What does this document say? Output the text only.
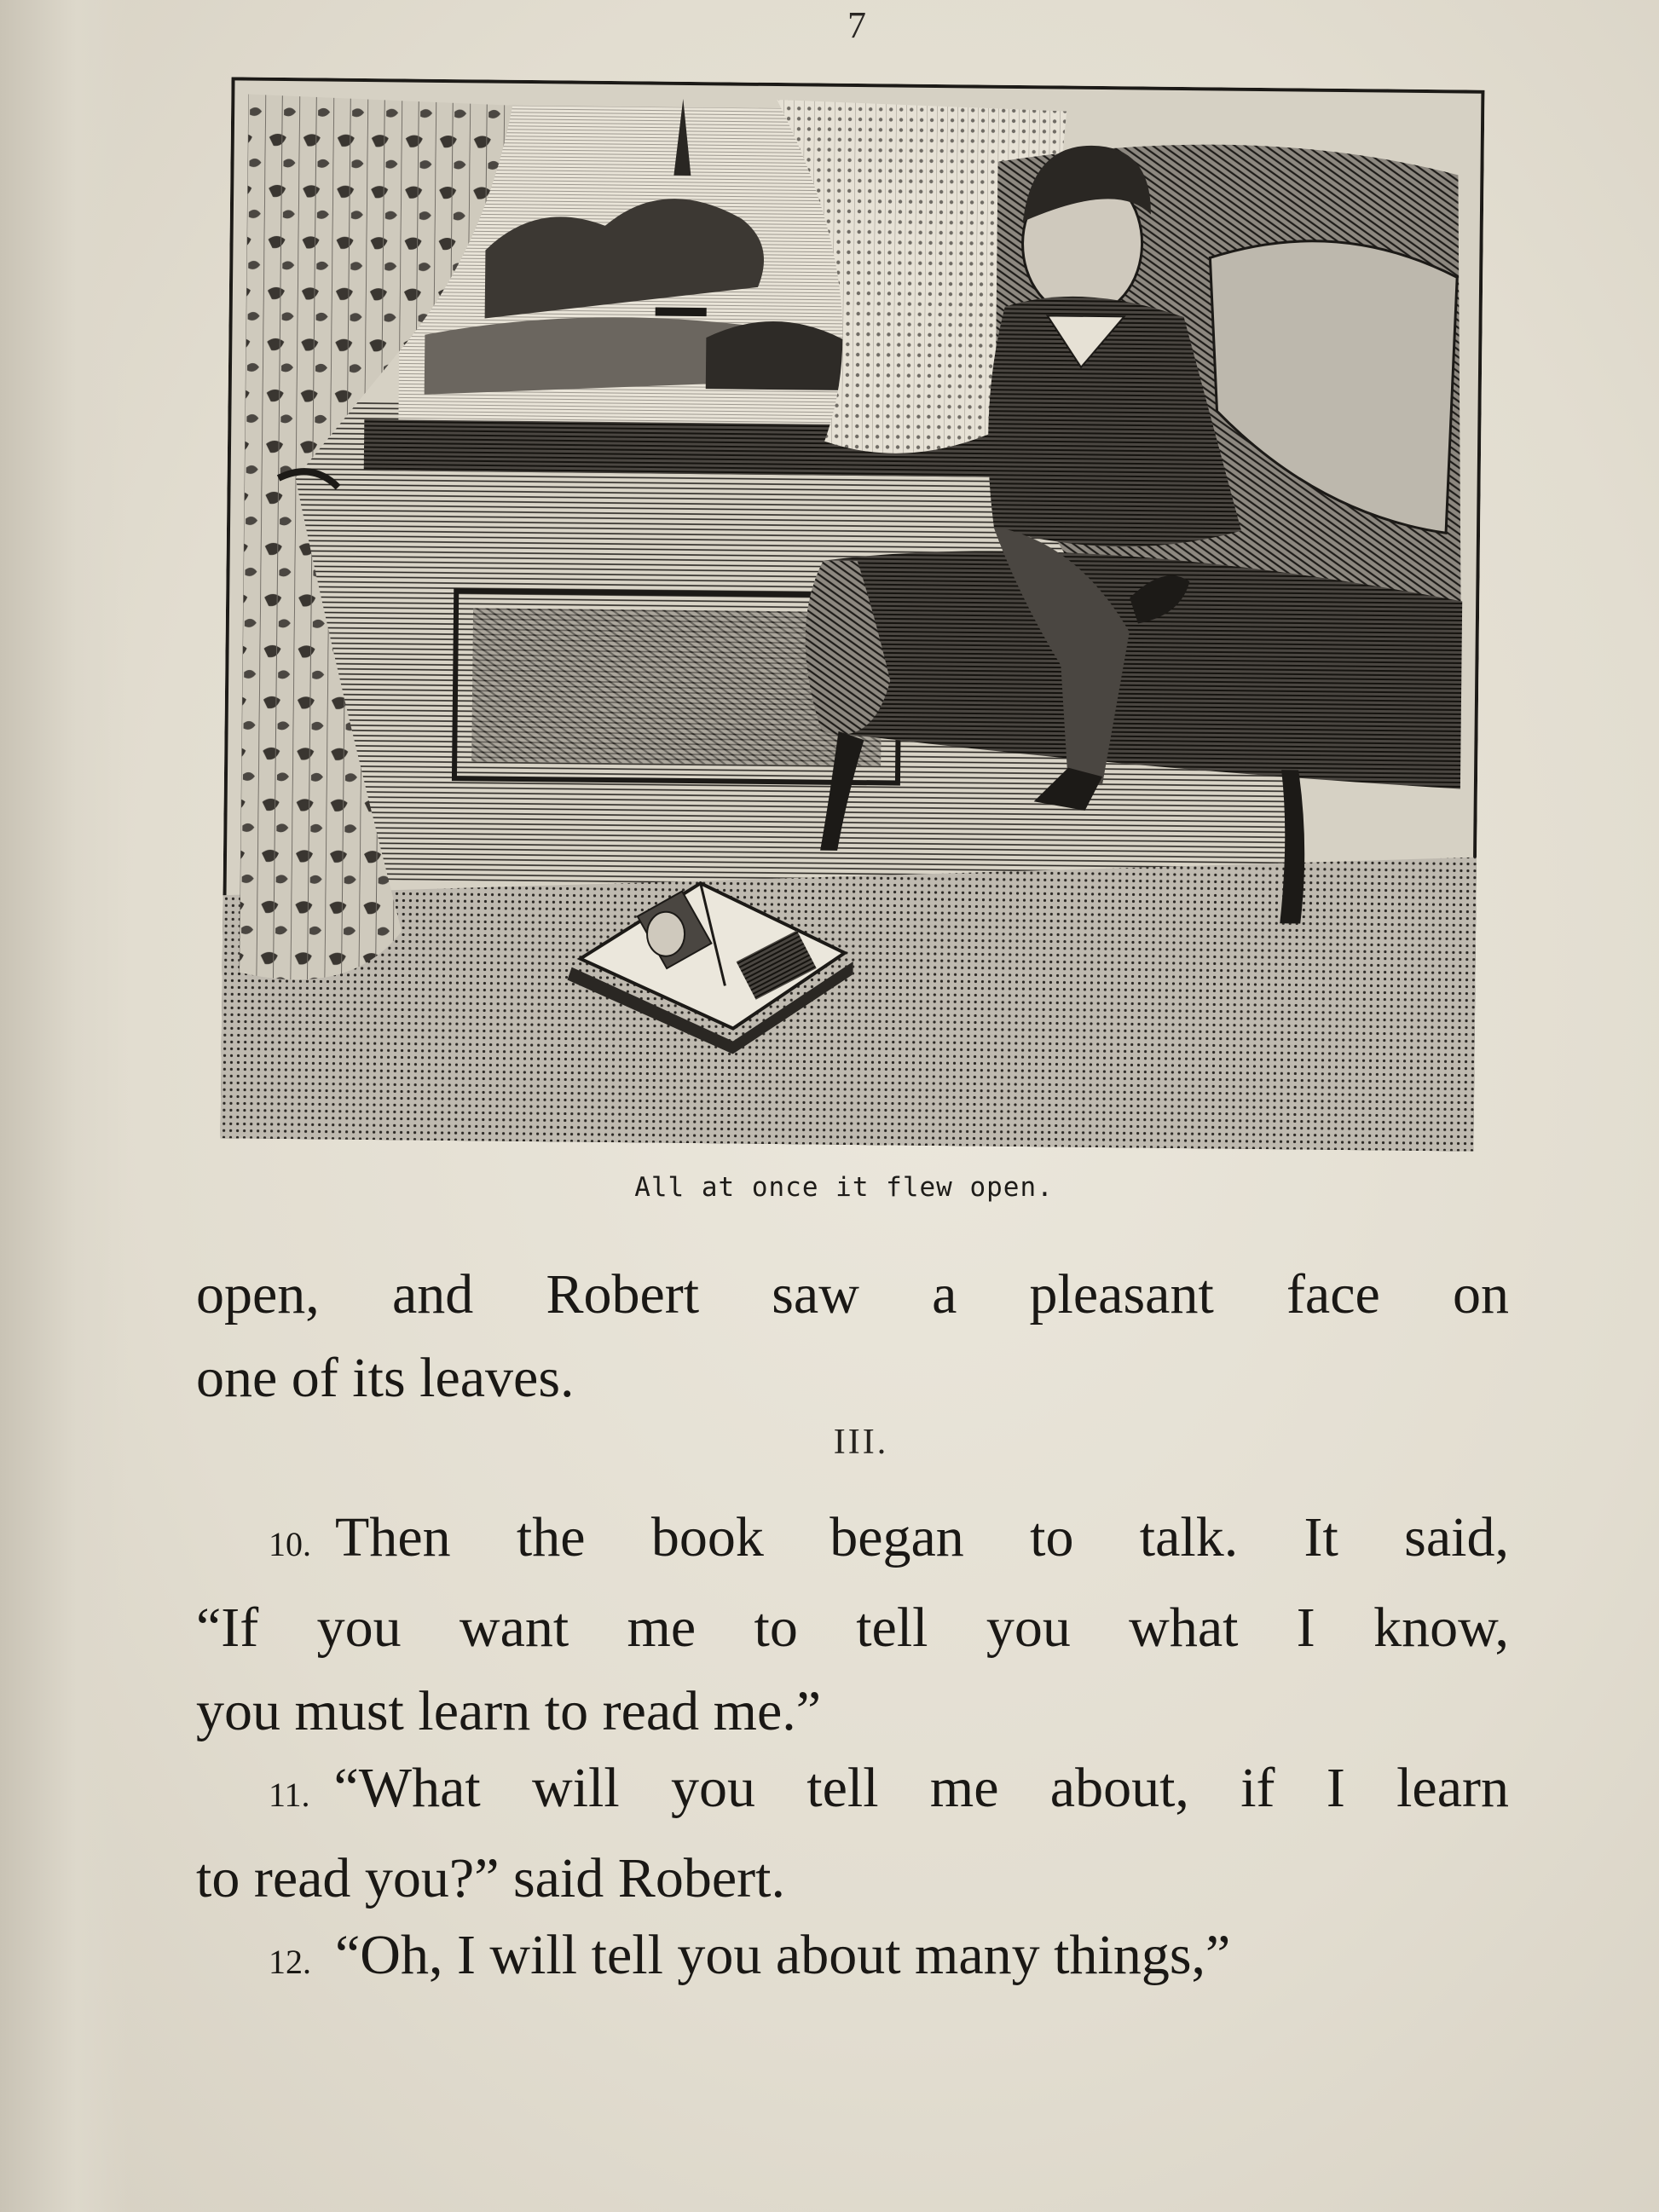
7
All at once it flew open.
open, and Robert saw a pleasant face on
one of its leaves.
III.
10. Then the book began to talk. It said,
“If you want me to tell you what I know,
you must learn to read me.”
11. “What will you tell me about, if I learn
to read you?” said Robert.
12. “Oh, I will tell you about many things,”
